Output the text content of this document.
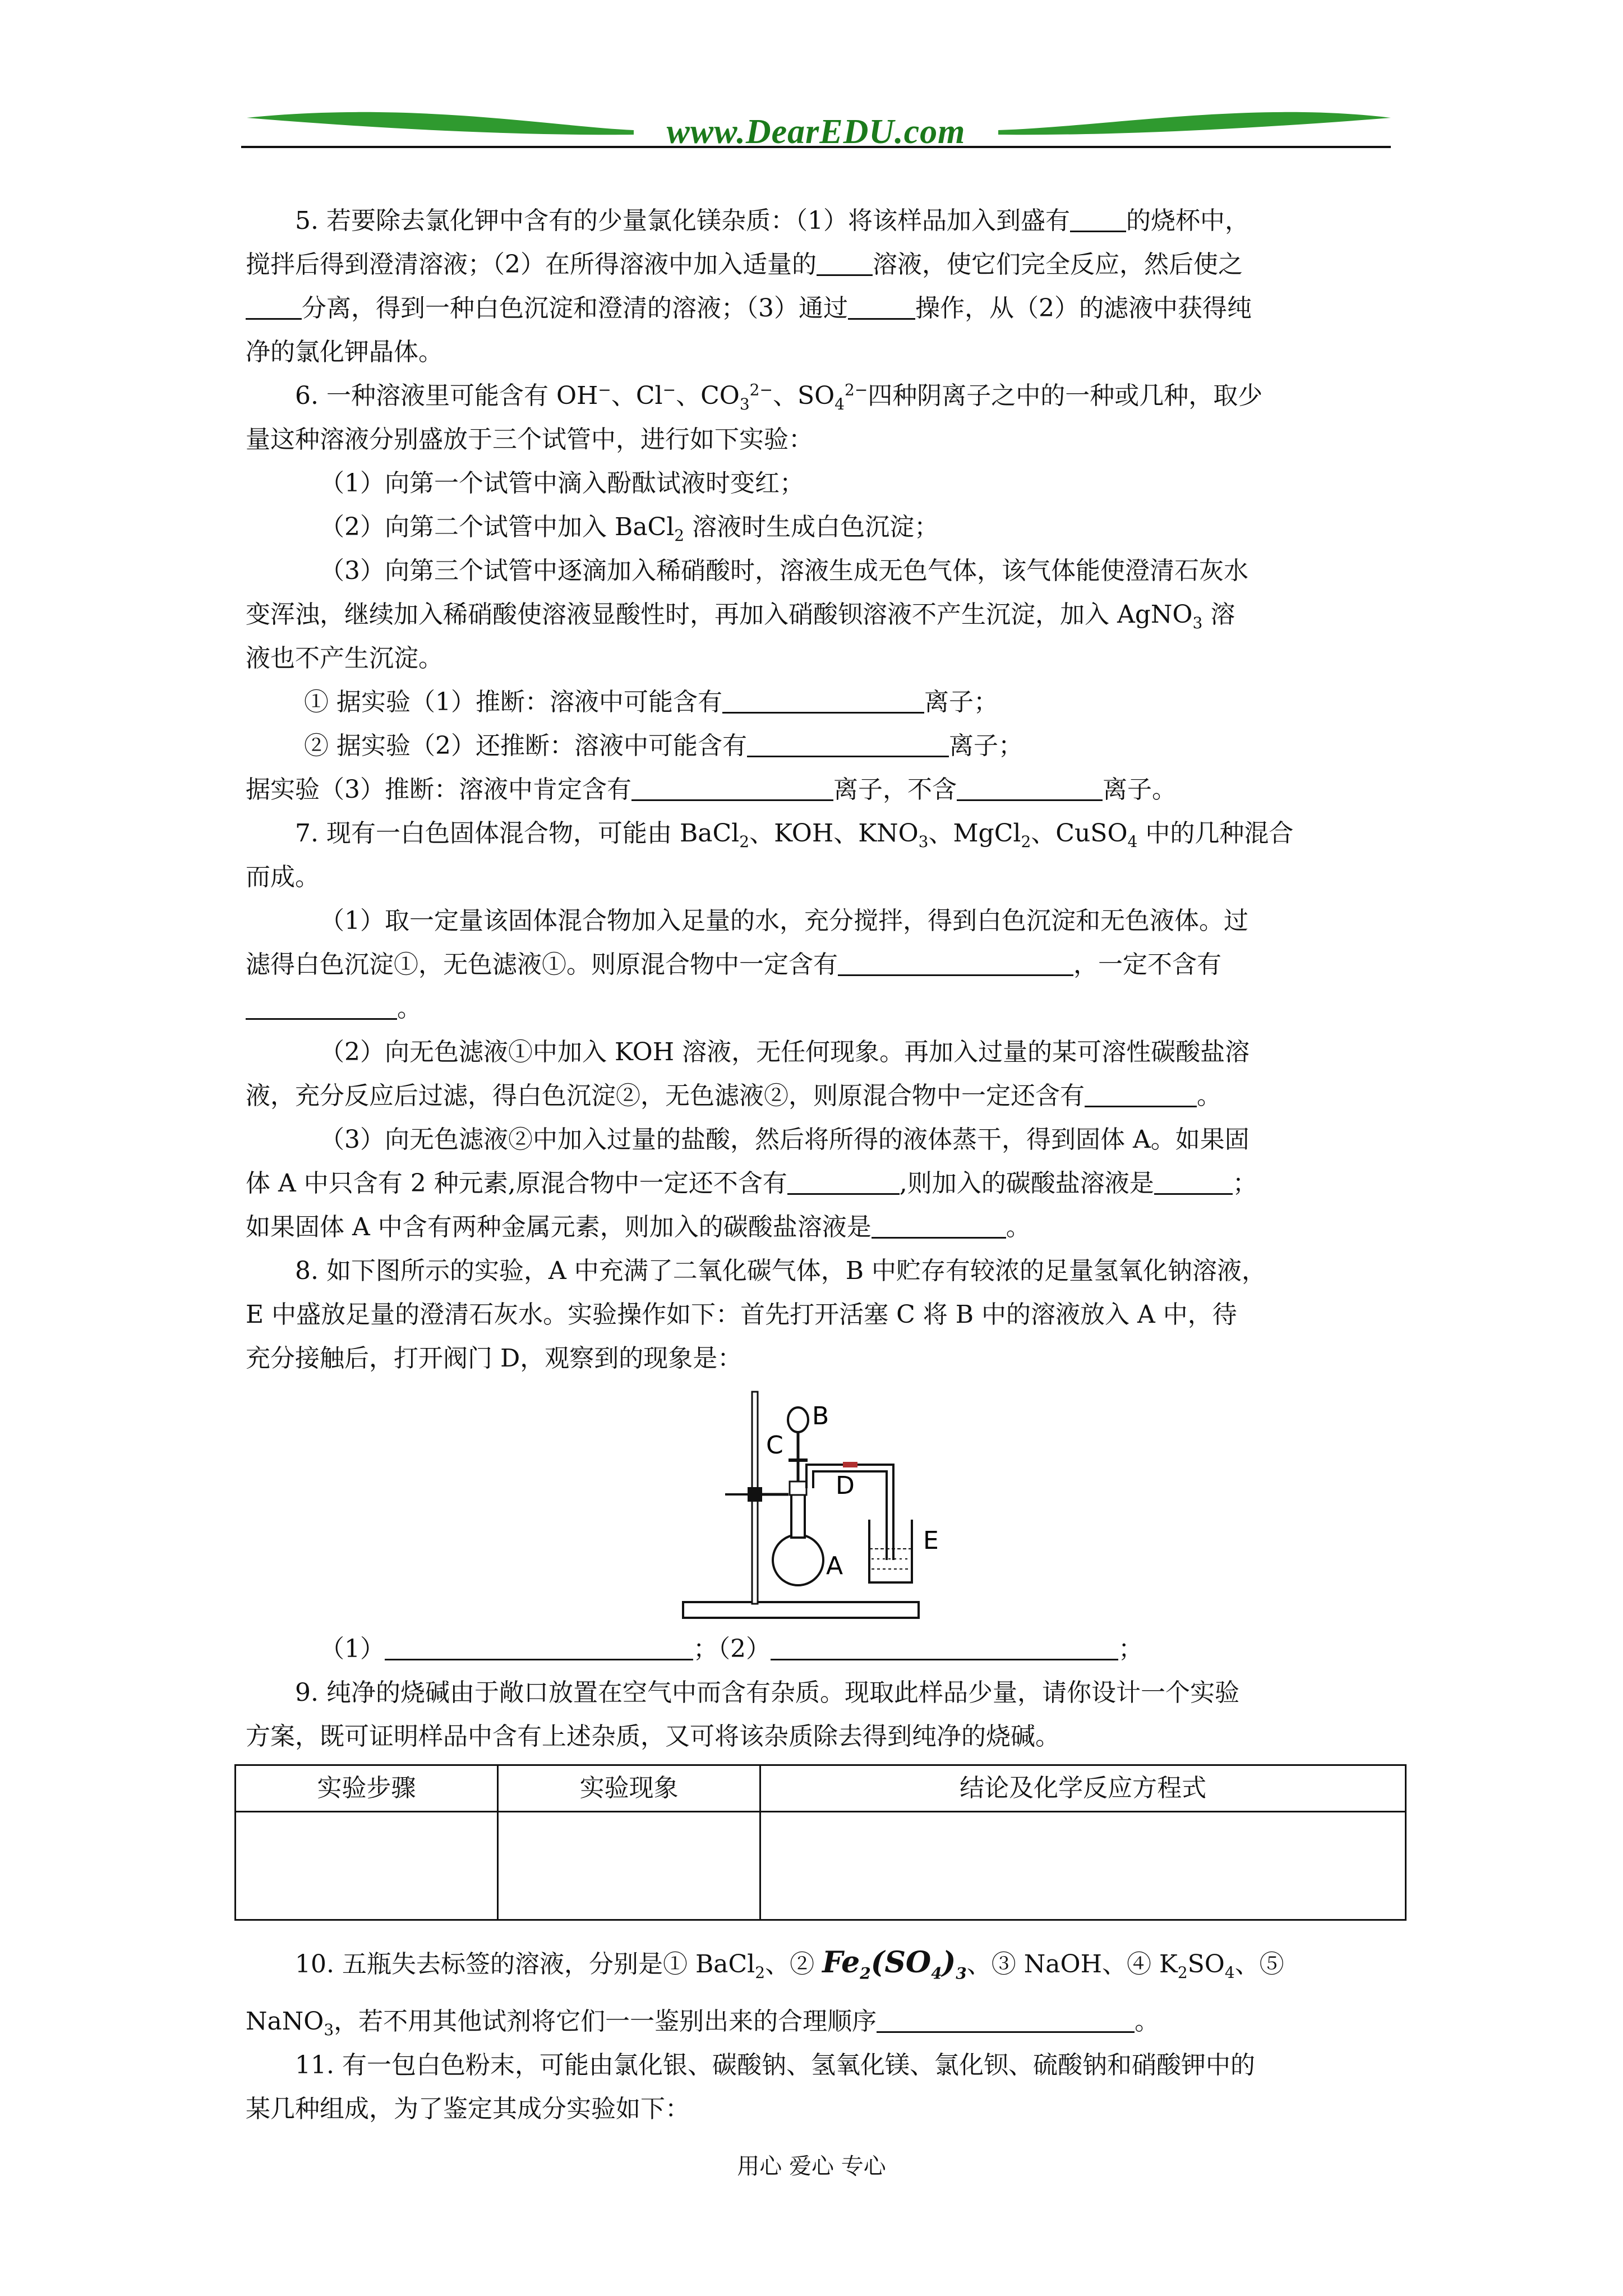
www.DearEDU.com

5. 若要除去氯化钾中含有的少量氯化镁杂质：（1）将该样品加入到盛有 的烧杯中，

搅拌后得到澄清溶液；（2）在所得溶液中加入适量的 溶液，使它们完全反应，然后使之

分离，得到一种白色沉淀和澄清的溶液；（3）通过	操作，从（2）的滤液中获得纯

净的氯化钾晶体。

6. 一种溶液里可能含有 OH−、Cl−、$CO_3^{2-}$、$SO_4^{2-}$四种阴离子之中的一种或几种，取少

量这种溶液分别盛放于三个试管中，进行如下实验：

（1）向第一个试管中滴入酚酞试液时变红；

（2）向第二个试管中加入 BaCl$_2$ 溶液时生成白色沉淀；

（3）向第三个试管中逐滴加入稀硝酸时，溶液生成无色气体，该气体能使澄清石灰水

变浑浊，继续加入稀硝酸使溶液显酸性时，再加入硝酸钡溶液不产生沉淀，加入 AgNO$_3$ 溶

液也不产生沉淀。

① 据实验（1）推断：溶液中可能含有	离子；

② 据实验（2）还推断：溶液中可能含有	离子；

据实验（3）推断：溶液中肯定含有	离子，不含	离子。

7. 现有一白色固体混合物，可能由 BaCl$_2$、KOH、$KNO_3$、MgCl$_2$、CuSO$_4$ 中的几种混合

而成。

（1）取一定量该固体混合物加入足量的水，充分搅拌，得到白色沉淀和无色液体。过

滤得白色沉淀①，无色滤液①。则原混合物中一定含有	，一定不含有

。

（2）向无色滤液①中加入 KOH 溶液，无任何现象。再加入过量的某可溶性碳酸盐溶

液，充分反应后过滤，得白色沉淀②，无色滤液②，则原混合物中一定还含有	。

（3）向无色滤液②中加入过量的盐酸，然后将所得的液体蒸干，得到固体 A。如果固

体 A 中只含有 2 种元素,原混合物中一定还不含有	,则加入的碳酸盐溶液是	；

如果固体 A 中含有两种金属元素，则加入的碳酸盐溶液是	。

8. 如下图所示的实验，A 中充满了二氧化碳气体，B 中贮存有较浓的足量氢氧化钠溶液，

E 中盛放足量的澄清石灰水。实验操作如下：首先打开活塞 C 将 B 中的溶液放入 A 中，待

充分接触后，打开阀门 D，观察到的现象是：

A
B
C
D
E

（1）	；（2）	；

9. 纯净的烧碱由于敞口放置在空气中而含有杂质。现取此样品少量，请你设计一个实验

方案，既可证明样品中含有上述杂质，又可将该杂质除去得到纯净的烧碱。

实验步骤	实验现象	结论及化学反应方程式

10. 五瓶失去标签的溶液，分别是① BaCl$_2$、② $Fe_2(SO_4)_3$、③ NaOH、④ $K_2SO_4$、⑤

NaNO$_3$，若不用其他试剂将它们一一鉴别出来的合理顺序	。

11. 有一包白色粉末，可能由氯化银、碳酸钠、氢氧化镁、氯化钡、硫酸钠和硝酸钾中的

某几种组成，为了鉴定其成分实验如下：

用心 爱心 专心
